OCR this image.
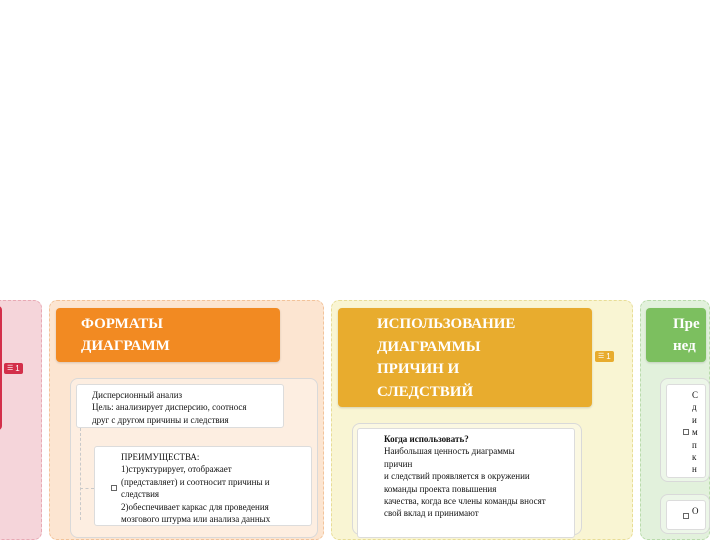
☰ 1
ФОРМАТЫ
ДИАГРАММ

Дисперсионный анализ

Цель: анализирует дисперсию, соотнося

друг с другом причины и следствия

ПРЕИМУЩЕСТВА:

1)структурирует, отображает

(представляет) и соотносит причины и

следствия

2)обеспечивает каркас для проведения

мозгового штурма или анализа данных

ИСПОЛЬЗОВАНИЕ
ДИАГРАММЫ
ПРИЧИН И
СЛЕДСТВИЙ
☰ 1

Когда использовать?

Наибольшая ценность диаграммы

причин

и следствий проявляется в окружении

команды проекта повышения

качества, когда все члены команды вносят

свой вклад и принимают

Пре
нед

С

д

и

м

п

к

н

О
